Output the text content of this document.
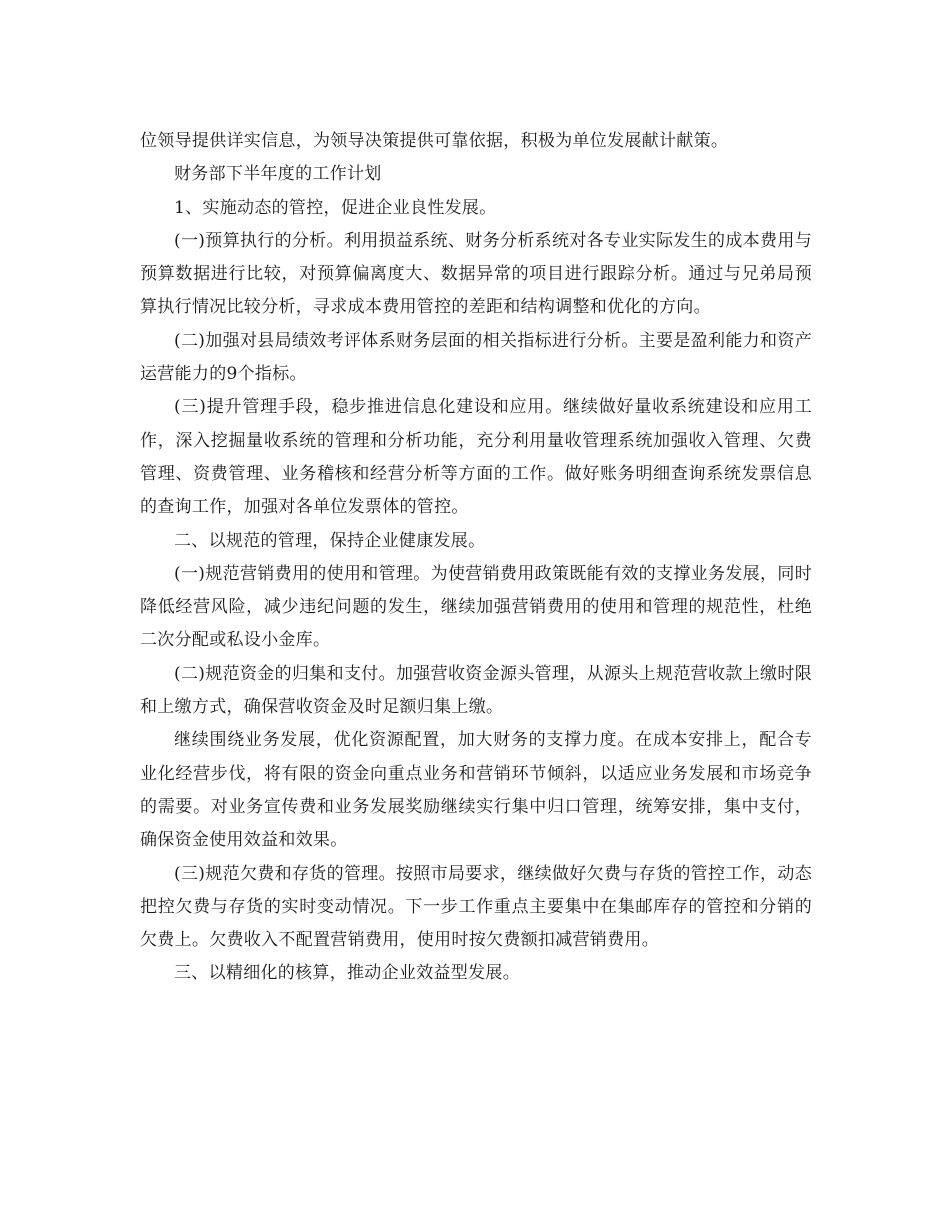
位领导提供详实信息，为领导决策提供可靠依据，积极为单位发展献计献策。

财务部下半年度的工作计划

1、实施动态的管控，促进企业良性发展。

(一)预算执行的分析。利用损益系统、财务分析系统对各专业实际发生的成本费用与预算数据进行比较，对预算偏离度大、数据异常的项目进行跟踪分析。通过与兄弟局预算执行情况比较分析，寻求成本费用管控的差距和结构调整和优化的方向。

(二)加强对县局绩效考评体系财务层面的相关指标进行分析。主要是盈利能力和资产运营能力的9个指标。

(三)提升管理手段，稳步推进信息化建设和应用。继续做好量收系统建设和应用工作，深入挖掘量收系统的管理和分析功能，充分利用量收管理系统加强收入管理、欠费管理、资费管理、业务稽核和经营分析等方面的工作。做好账务明细查询系统发票信息的查询工作，加强对各单位发票体的管控。

二、以规范的管理，保持企业健康发展。

(一)规范营销费用的使用和管理。为使营销费用政策既能有效的支撑业务发展，同时降低经营风险，减少违纪问题的发生，继续加强营销费用的使用和管理的规范性，杜绝二次分配或私设小金库。

(二)规范资金的归集和支付。加强营收资金源头管理，从源头上规范营收款上缴时限和上缴方式，确保营收资金及时足额归集上缴。

继续围绕业务发展，优化资源配置，加大财务的支撑力度。在成本安排上，配合专业化经营步伐，将有限的资金向重点业务和营销环节倾斜，以适应业务发展和市场竞争的需要。对业务宣传费和业务发展奖励继续实行集中归口管理，统筹安排，集中支付，确保资金使用效益和效果。

(三)规范欠费和存货的管理。按照市局要求，继续做好欠费与存货的管控工作，动态把控欠费与存货的实时变动情况。下一步工作重点主要集中在集邮库存的管控和分销的欠费上。欠费收入不配置营销费用，使用时按欠费额扣减营销费用。

三、以精细化的核算，推动企业效益型发展。
